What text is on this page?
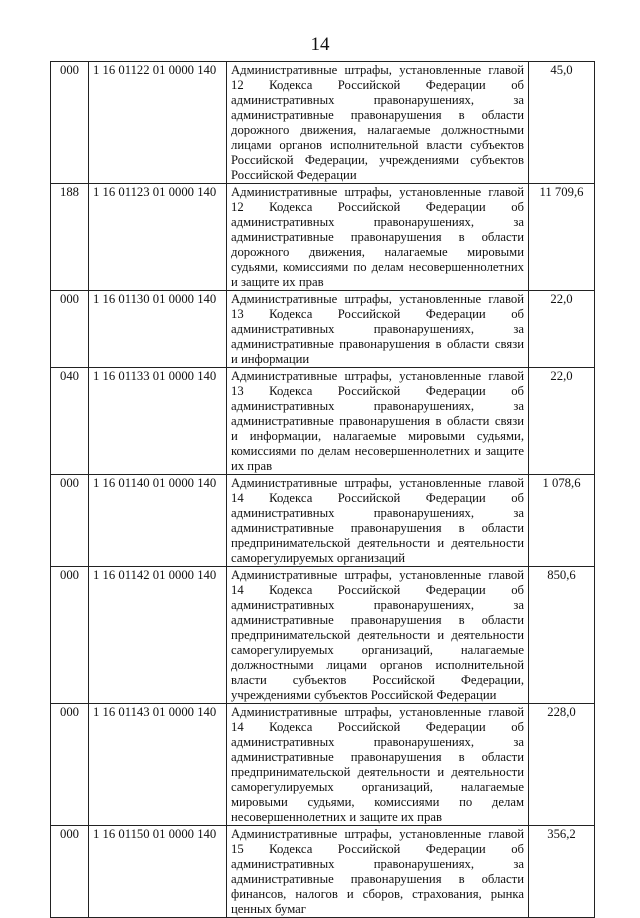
14
000	1 16 01122 01 0000 140	Административные штрафы, установленные главой 12 Кодекса Российской Федерации об административных правонарушениях, за административные правонарушения в области дорожного движения, налагаемые должностными лицами органов исполнительной власти субъектов Российской Федерации, учреждениями субъектов Российской Федерации	45,0
188	1 16 01123 01 0000 140	Административные штрафы, установленные главой 12 Кодекса Российской Федерации об административных правонарушениях, за административные правонарушения в области дорожного движения, налагаемые мировыми судьями, комиссиями по делам несовершеннолетних и защите их прав	11 709,6
000	1 16 01130 01 0000 140	Административные штрафы, установленные главой 13 Кодекса Российской Федерации об административных правонарушениях, за административные правонарушения в области связи и информации	22,0
040	1 16 01133 01 0000 140	Административные штрафы, установленные главой 13 Кодекса Российской Федерации об административных правонарушениях, за административные правонарушения в области связи и информации, налагаемые мировыми судьями, комиссиями по делам несовершеннолетних и защите их прав	22,0
000	1 16 01140 01 0000 140	Административные штрафы, установленные главой 14 Кодекса Российской Федерации об административных правонарушениях, за административные правонарушения в области предпринимательской деятельности и деятельности саморегулируемых организаций	1 078,6
000	1 16 01142 01 0000 140	Административные штрафы, установленные главой 14 Кодекса Российской Федерации об административных правонарушениях, за административные правонарушения в области предпринимательской деятельности и деятельности саморегулируемых организаций, налагаемые должностными лицами органов исполнительной власти субъектов Российской Федерации, учреждениями субъектов Российской Федерации	850,6
000	1 16 01143 01 0000 140	Административные штрафы, установленные главой 14 Кодекса Российской Федерации об административных правонарушениях, за административные правонарушения в области предпринимательской деятельности и деятельности саморегулируемых организаций, налагаемые мировыми судьями, комиссиями по делам несовершеннолетних и защите их прав	228,0
000	1 16 01150 01 0000 140	Административные штрафы, установленные главой 15 Кодекса Российской Федерации об административных правонарушениях, за административные правонарушения в области финансов, налогов и сборов, страхования, рынка ценных бумаг	356,2
